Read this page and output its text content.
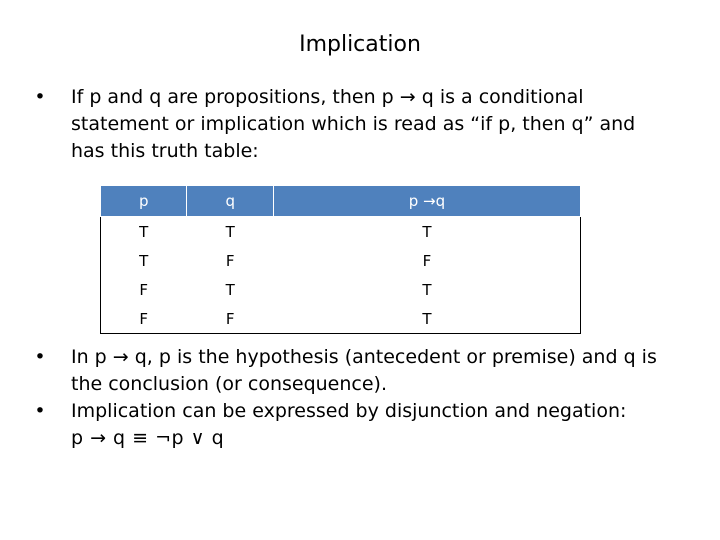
Implication
• If p and q are propositions, then p → q is a conditional
statement or implication which is read as “if p, then q” and
has this truth table:
p	q	p →q
T	T	T
T	F	F
F	T	T
F	F	T
• In p → q, p is the hypothesis (antecedent or premise) and q is
the conclusion (or consequence).
• Implication can be expressed by disjunction and negation:
p → q ≡ ¬p ∨ q
